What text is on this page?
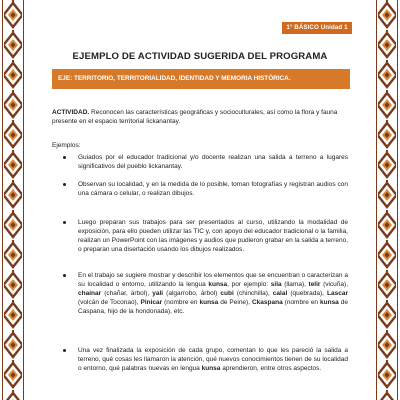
1° BÁSICO Unidad 1
EJEMPLO DE ACTIVIDAD SUGERIDA DEL PROGRAMA
EJE: TERRITORIO, TERRITORIALIDAD, IDENTIDAD Y MEMORIA HISTÓRICA.
ACTIVIDAD. Reconocen las características geográficas y socioculturales, así como la flora y fauna presente en el espacio territorial lickanantay.
Ejemplos:
Guiados por el educador tradicional y/o docente realizan una salida a terreno a lugares significativos del pueblo lickanantay.
Observan su localidad, y en la medida de lo posible, toman fotografías y registran audios con una cámara o celular, o realizan dibujos.
Luego preparan sus trabajos para ser presentados al curso, utilizando la modalidad de exposición, para ello pueden utilizar las TIC y, con apoyo del educador tradicional o la familia, realizan un PowerPoint con las imágenes y audios que pudieron grabar en la salida a terreno, o preparan una disertación usando los dibujos realizados.
En el trabajo se sugiere mostrar y describir los elementos que se encuentran o caracterizan a su localidad o entorno, utilizando la lengua kunsa, por ejemplo: sila (llama), telir (vicuña), chainar (chañar, árbol), yali (algarrobo, árbol) cubi (chinchilla), calal (quebrada), Lascar (volcán de Toconao), Pinicar (nombre en kunsa de Peine), Ckaspana (nombre en kunsa de Caspana, hijo de la hondonada), etc.
Una vez finalizada la exposición de cada grupo, comentan lo que les pareció la salida a terreno, qué cosas les llamaron la atención, qué nuevos conocimientos tienen de su localidad o entorno, qué palabras nuevas en lengua kunsa aprendieron, entre otros aspectos.
